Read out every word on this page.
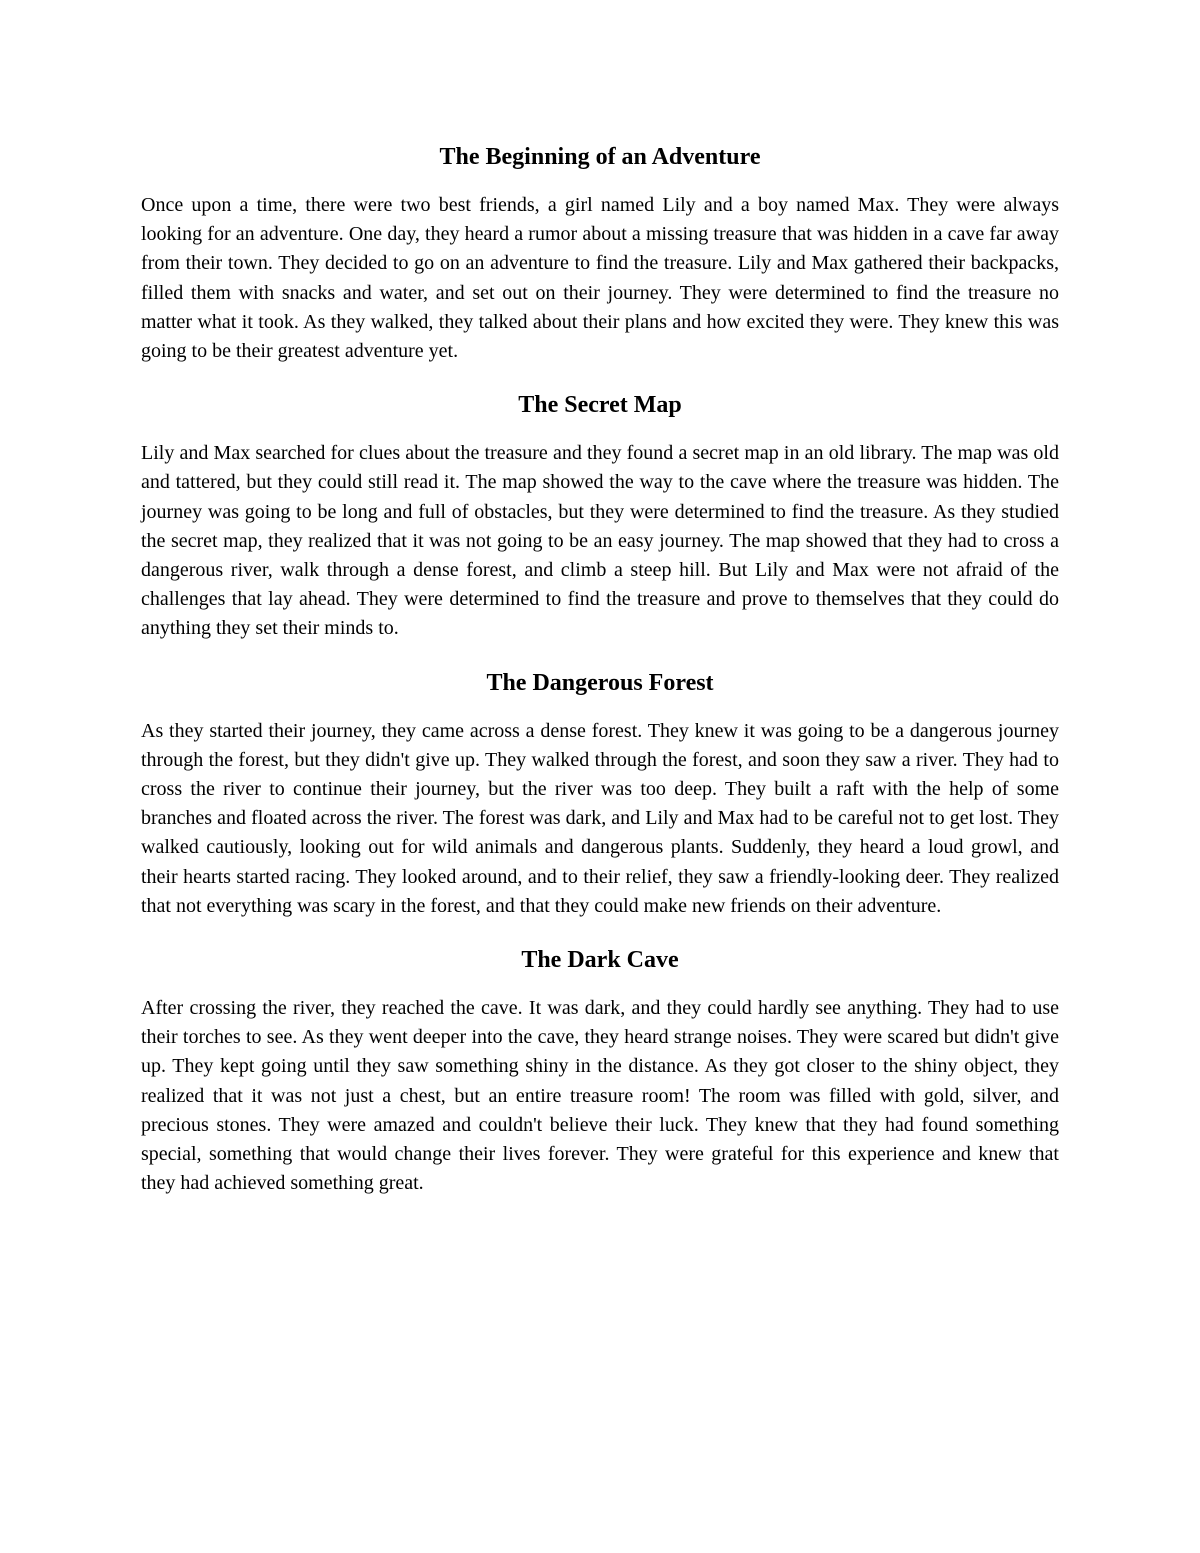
The Beginning of an Adventure

Once upon a time, there were two best friends, a girl named Lily and a boy named Max. They were always looking for an adventure. One day, they heard a rumor about a missing treasure that was hidden in a cave far away from their town. They decided to go on an adventure to find the treasure. Lily and Max gathered their backpacks, filled them with snacks and water, and set out on their journey. They were determined to find the treasure no matter what it took. As they walked, they talked about their plans and how excited they were. They knew this was going to be their greatest adventure yet.

The Secret Map

Lily and Max searched for clues about the treasure and they found a secret map in an old library. The map was old and tattered, but they could still read it. The map showed the way to the cave where the treasure was hidden. The journey was going to be long and full of obstacles, but they were determined to find the treasure. As they studied the secret map, they realized that it was not going to be an easy journey. The map showed that they had to cross a dangerous river, walk through a dense forest, and climb a steep hill. But Lily and Max were not afraid of the challenges that lay ahead. They were determined to find the treasure and prove to themselves that they could do anything they set their minds to.

The Dangerous Forest

As they started their journey, they came across a dense forest. They knew it was going to be a dangerous journey through the forest, but they didn't give up. They walked through the forest, and soon they saw a river. They had to cross the river to continue their journey, but the river was too deep. They built a raft with the help of some branches and floated across the river. The forest was dark, and Lily and Max had to be careful not to get lost. They walked cautiously, looking out for wild animals and dangerous plants. Suddenly, they heard a loud growl, and their hearts started racing. They looked around, and to their relief, they saw a friendly-looking deer. They realized that not everything was scary in the forest, and that they could make new friends on their adventure.

The Dark Cave

After crossing the river, they reached the cave. It was dark, and they could hardly see anything. They had to use their torches to see. As they went deeper into the cave, they heard strange noises. They were scared but didn't give up. They kept going until they saw something shiny in the distance. As they got closer to the shiny object, they realized that it was not just a chest, but an entire treasure room! The room was filled with gold, silver, and precious stones. They were amazed and couldn't believe their luck. They knew that they had found something special, something that would change their lives forever. They were grateful for this experience and knew that they had achieved something great.
